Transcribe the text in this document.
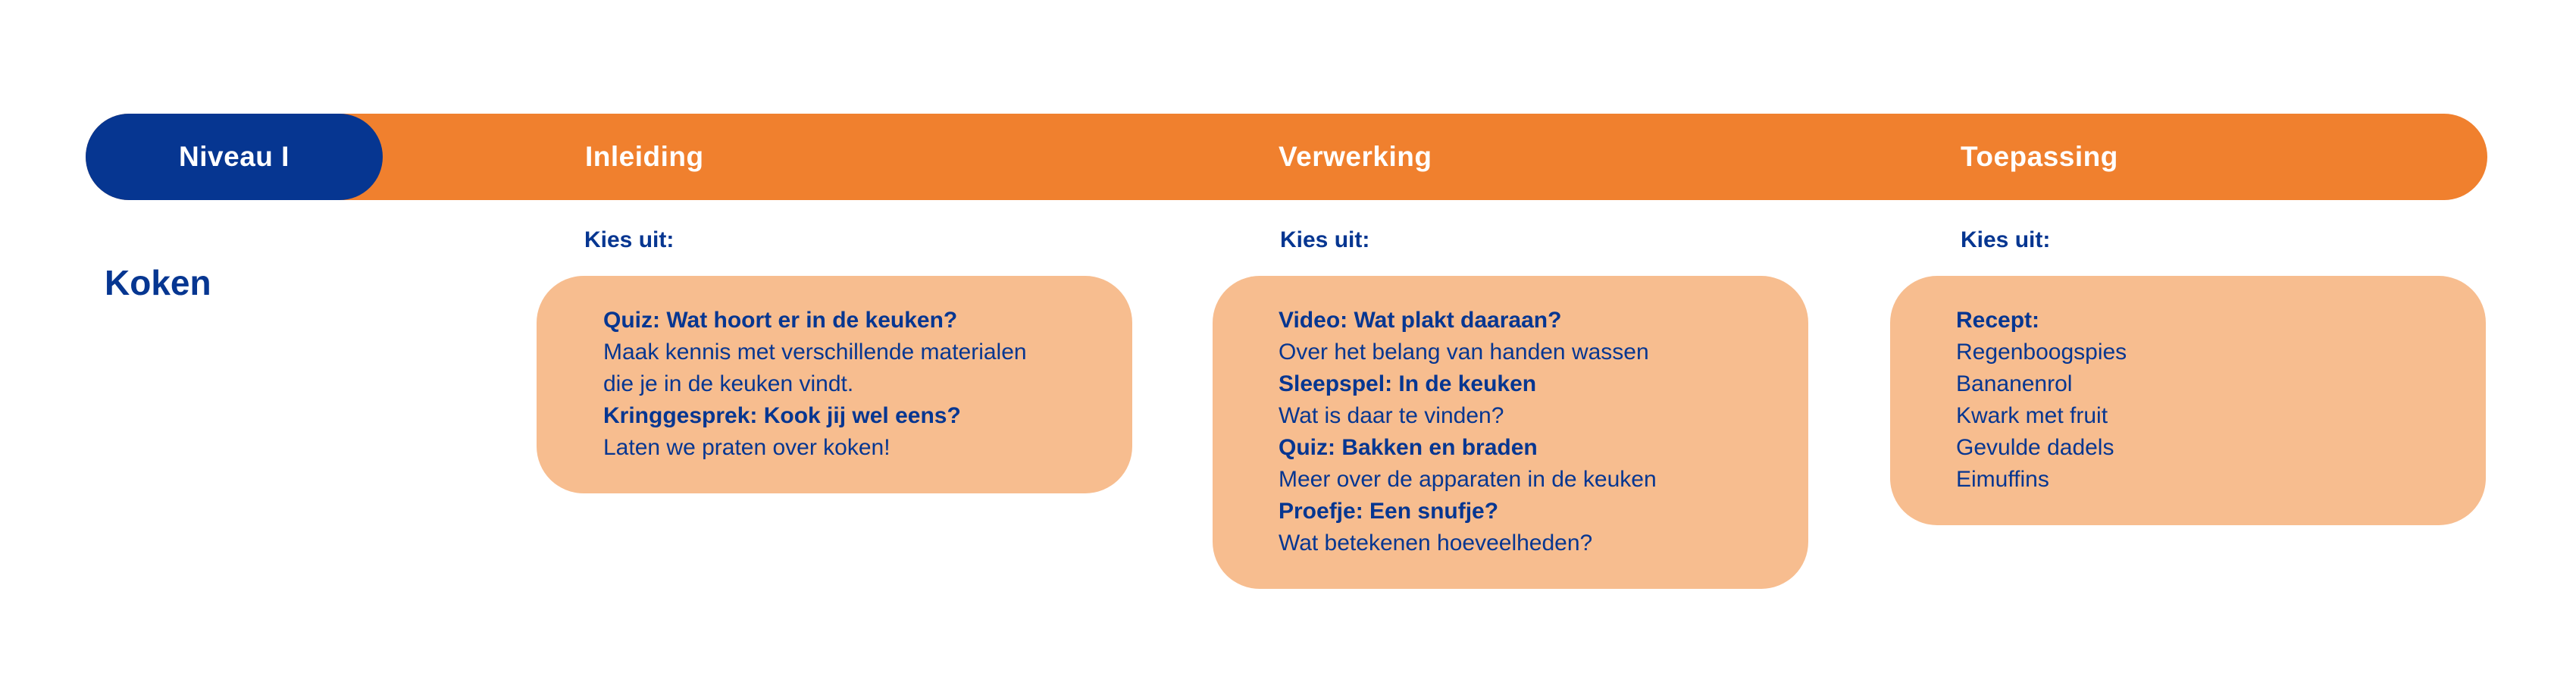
Niveau I	Inleiding	Verwerking	Toepassing
Koken
Kies uit:	Kies uit:	Kies uit:
Quiz: Wat hoort er in de keuken?
Maak kennis met verschillende materialen
die je in de keuken vindt.
Kringgesprek: Kook jij wel eens?
Laten we praten over koken!
Video: Wat plakt daaraan?
Over het belang van handen wassen
Sleepspel: In de keuken
Wat is daar te vinden?
Quiz: Bakken en braden
Meer over de apparaten in de keuken
Proefje: Een snufje?
Wat betekenen hoeveelheden?
Recept:
Regenboogspies
Bananenrol
Kwark met fruit
Gevulde dadels
Eimuffins
